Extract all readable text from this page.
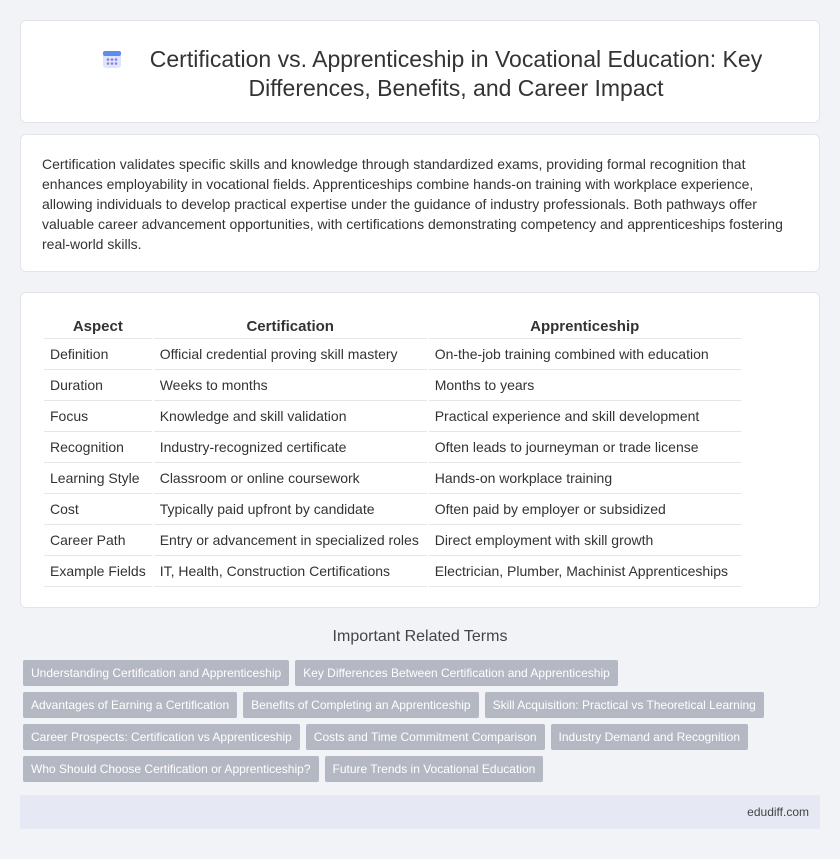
Certification vs. Apprenticeship in Vocational Education: Key Differences, Benefits, and Career Impact

Certification validates specific skills and knowledge through standardized exams, providing formal recognition that enhances employability in vocational fields. Apprenticeships combine hands-on training with workplace experience, allowing individuals to develop practical expertise under the guidance of industry professionals. Both pathways offer valuable career advancement opportunities, with certifications demonstrating competency and apprenticeships fostering real-world skills.

Aspect	Certification	Apprenticeship
Definition	Official credential proving skill mastery	On-the-job training combined with education
Duration	Weeks to months	Months to years
Focus	Knowledge and skill validation	Practical experience and skill development
Recognition	Industry-recognized certificate	Often leads to journeyman or trade license
Learning Style	Classroom or online coursework	Hands-on workplace training
Cost	Typically paid upfront by candidate	Often paid by employer or subsidized
Career Path	Entry or advancement in specialized roles	Direct employment with skill growth
Example Fields	IT, Health, Construction Certifications	Electrician, Plumber, Machinist Apprenticeships
Important Related Terms
Understanding Certification and Apprenticeship	Key Differences Between Certification and Apprenticeship
Advantages of Earning a Certification	Benefits of Completing an Apprenticeship	Skill Acquisition: Practical vs Theoretical Learning
Career Prospects: Certification vs Apprenticeship	Costs and Time Commitment Comparison	Industry Demand and Recognition
Who Should Choose Certification or Apprenticeship?	Future Trends in Vocational Education
edudiff.com
